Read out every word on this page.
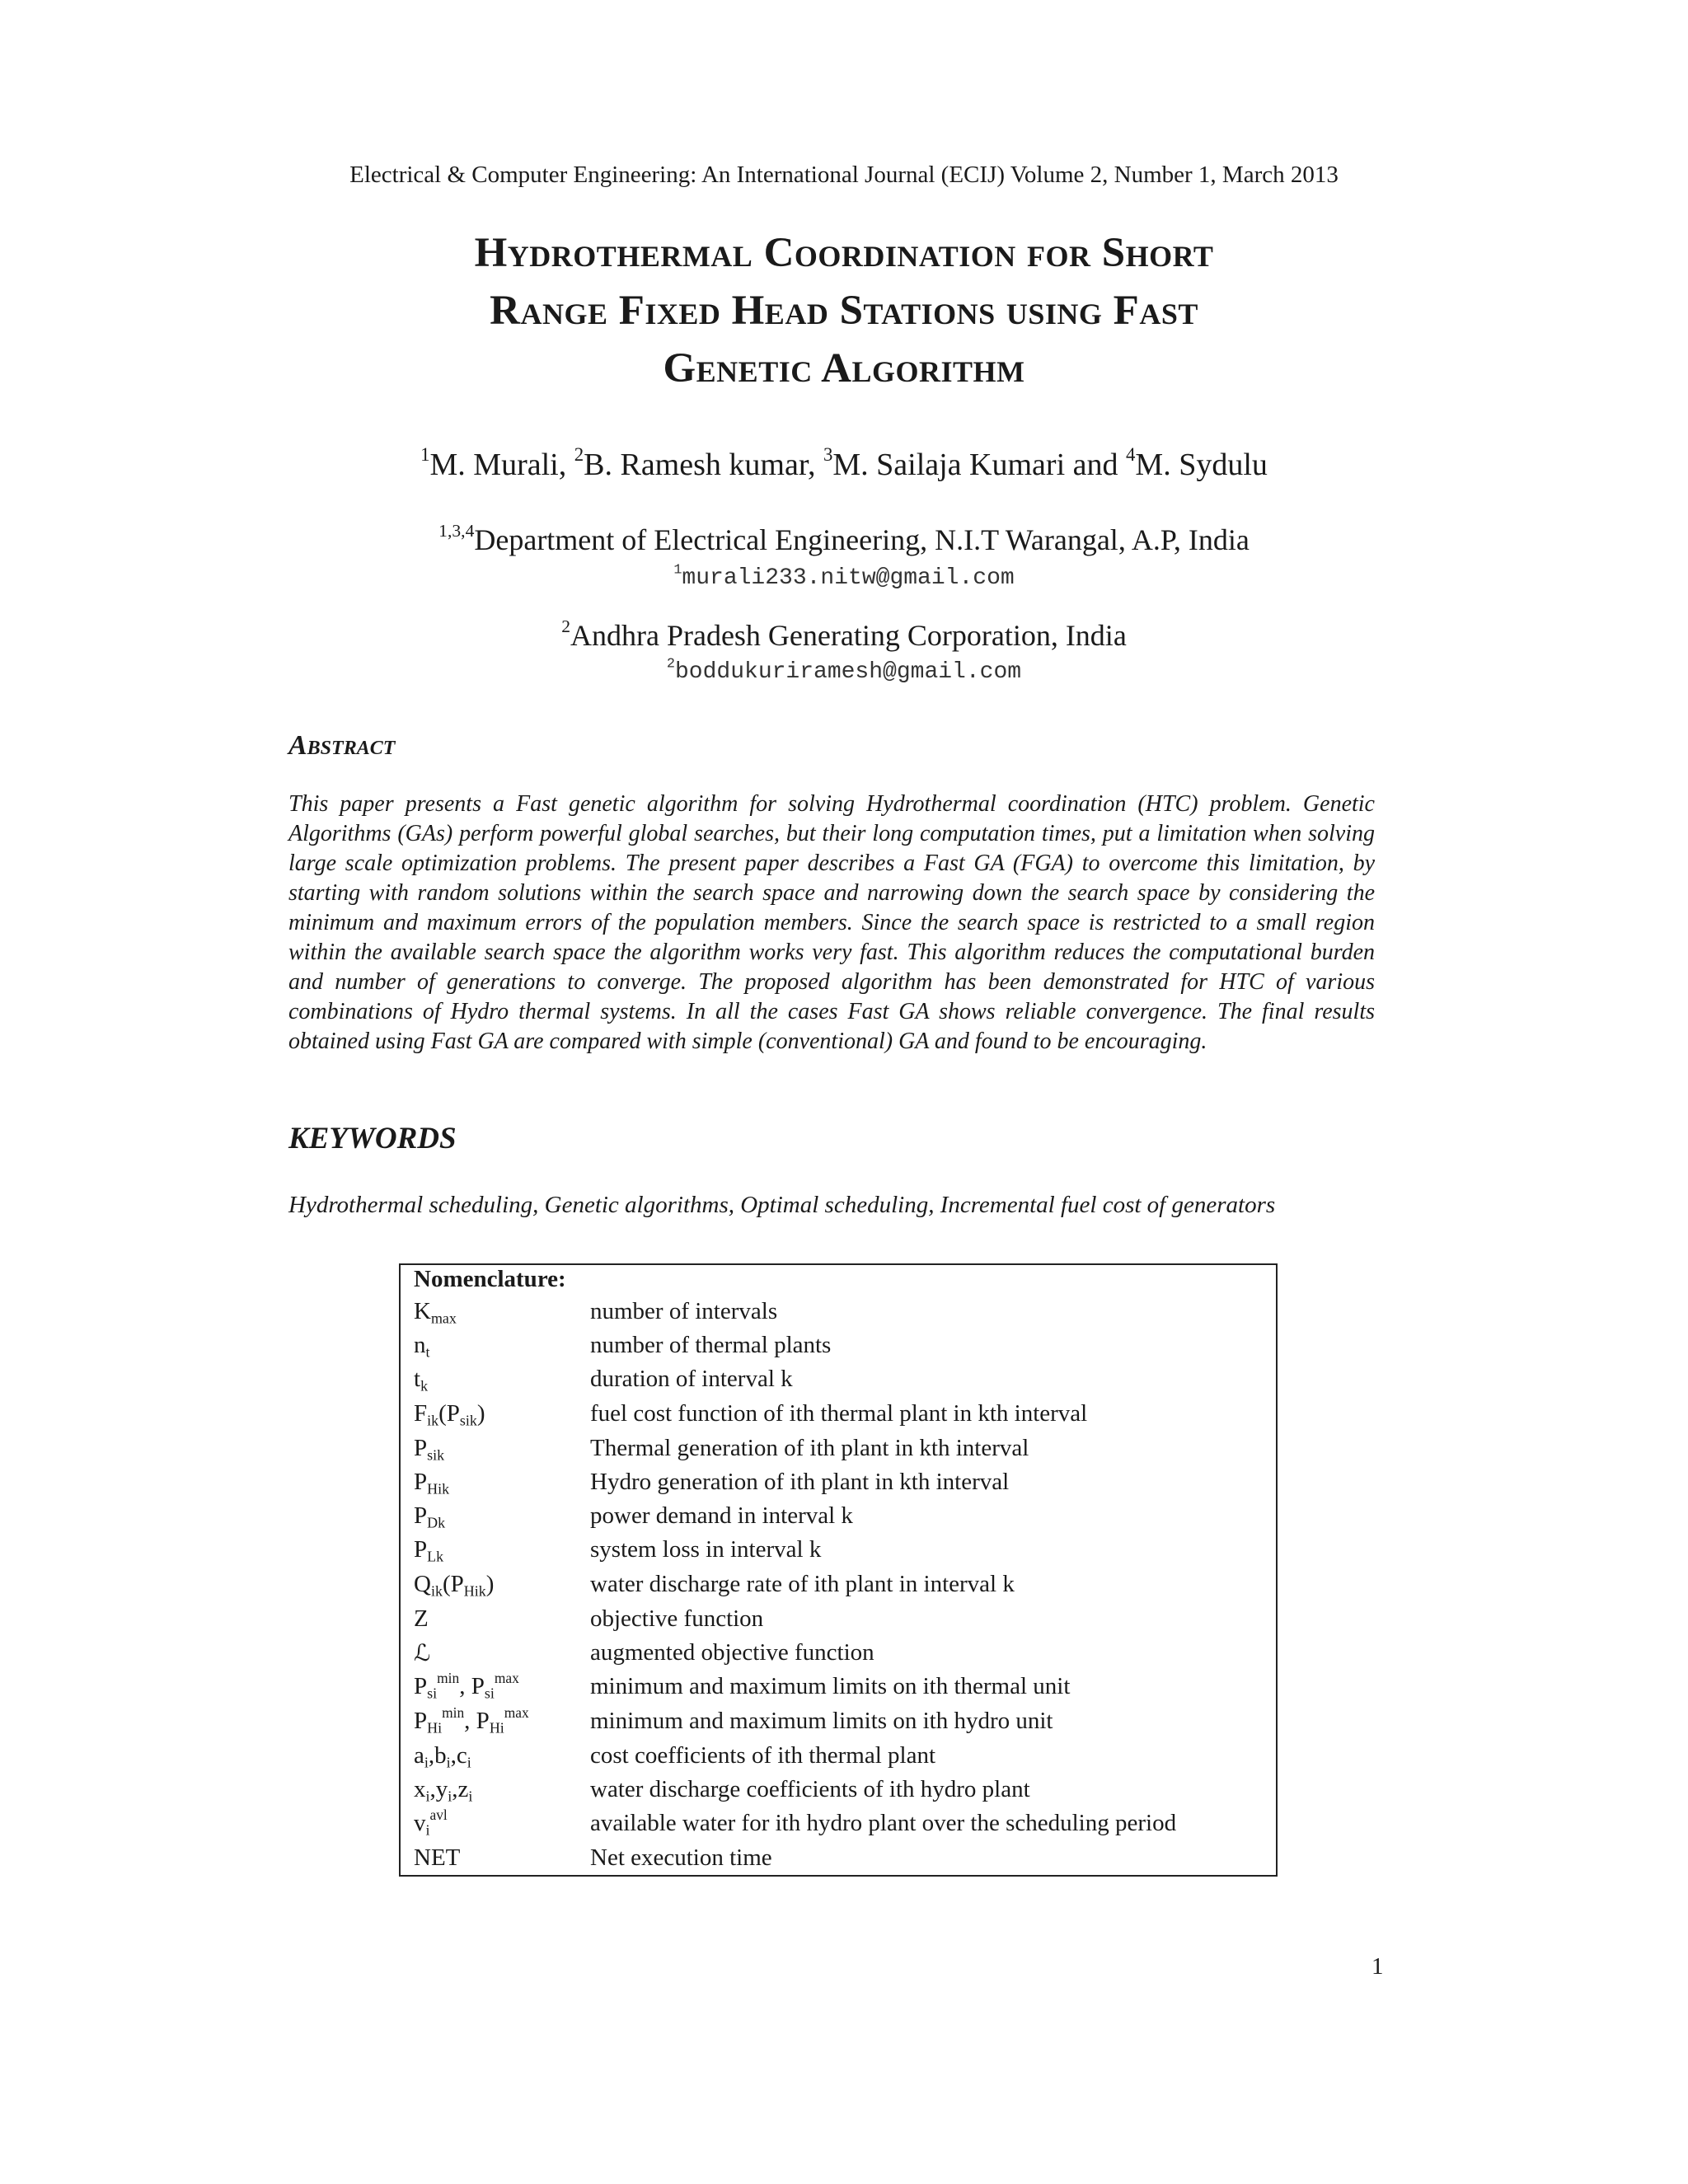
Electrical & Computer Engineering: An International Journal (ECIJ) Volume 2, Number 1, March 2013
Hydrothermal Coordination for Short
Range Fixed Head Stations using Fast
Genetic Algorithm
$^1$M. Murali, $^2$B. Ramesh kumar, $^3$M. Sailaja Kumari and $^4$M. Sydulu
$^{1,3,4}$Department of Electrical Engineering, N.I.T Warangal, A.P, India
$^1$murali233.nitw@gmail.com
$^2$Andhra Pradesh Generating Corporation, India
$^2$boddukuriramesh@gmail.com
Abstract
This paper presents a Fast genetic algorithm for solving Hydrothermal coordination (HTC) problem. Genetic Algorithms (GAs) perform powerful global searches, but their long computation times, put a limitation when solving large scale optimization problems. The present paper describes a Fast GA (FGA) to overcome this limitation, by starting with random solutions within the search space and narrowing down the search space by considering the minimum and maximum errors of the population members. Since the search space is restricted to a small region within the available search space the algorithm works very fast. This algorithm reduces the computational burden and number of generations to converge. The proposed algorithm has been demonstrated for HTC of various combinations of Hydro thermal systems. In all the cases Fast GA shows reliable convergence. The final results obtained using Fast GA are compared with simple (conventional) GA and found to be encouraging.
KEYWORDS
Hydrothermal scheduling, Genetic algorithms, Optimal scheduling, Incremental fuel cost of generators
Nomenclature:
$K_{max}$	number of intervals
$n_t$	number of thermal plants
$t_k$	duration of interval k
$F_{ik}(P_{sik})$	fuel cost function of ith thermal plant in kth interval
$P_{sik}$	Thermal generation of ith plant in kth interval
$P_{Hik}$	Hydro generation of ith plant in kth interval
$P_{Dk}$	power demand in interval k
$P_{Lk}$	system loss in interval k
$Q_{ik}(P_{Hik})$	water discharge rate of ith plant in interval k
Z	objective function
ℒ	augmented objective function
$P_{si}^{min}$, $P_{si}^{max}$	minimum and maximum limits on ith thermal unit
$P_{Hi}^{min}$, $P_{Hi}^{max}$	minimum and maximum limits on ith hydro unit
$a_i,b_i,c_i$	cost coefficients of ith thermal plant
$x_i,y_i,z_i$	water discharge coefficients of ith hydro plant
$v_i^{avl}$	available water for ith hydro plant over the scheduling period
NET	Net execution time
1
